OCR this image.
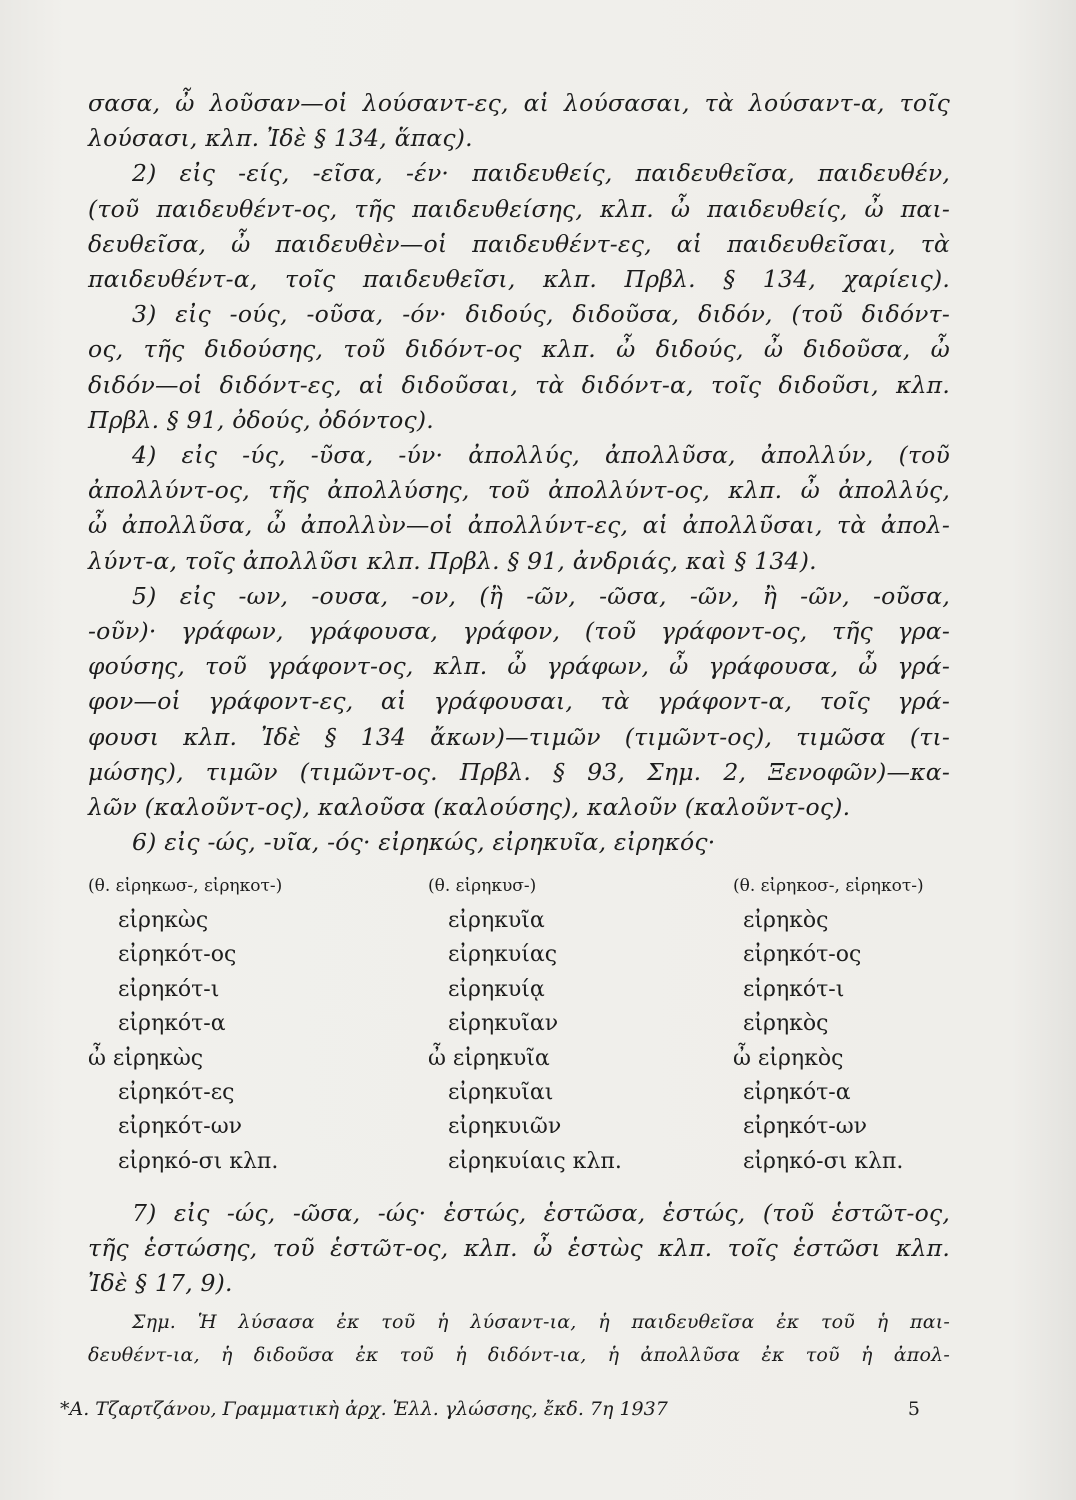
σασα, ὦ λοῦσαν—οἱ λούσαντ-ες, αἱ λούσασαι, τὰ λούσαντ-α, τοῖς
λούσασι, κλπ. Ἰδὲ § 134, ἅπας).
2) εἰς -είς, -εῖσα, -έν· παιδευθείς, παιδευθεῖσα, παιδευθέν,
(τοῦ παιδευθέντ-ος, τῆς παιδευθείσης, κλπ. ὦ παιδευθείς, ὦ παι-
δευθεῖσα, ὦ παιδευθὲν—οἱ παιδευθέντ-ες, αἱ παιδευθεῖσαι, τὰ
παιδευθέντ-α, τοῖς παιδευθεῖσι, κλπ. Πρβλ. § 134, χαρίεις).
3) εἰς -ούς, -οῦσα, -όν· διδούς, διδοῦσα, διδόν, (τοῦ διδόντ-
ος, τῆς διδούσης, τοῦ διδόντ-ος κλπ. ὦ διδούς, ὦ διδοῦσα, ὦ
διδόν—οἱ διδόντ-ες, αἱ διδοῦσαι, τὰ διδόντ-α, τοῖς διδοῦσι, κλπ.
Πρβλ. § 91, ὀδούς, ὀδόντος).
4) εἰς -ύς, -ῦσα, -ύν· ἀπολλύς, ἀπολλῦσα, ἀπολλύν, (τοῦ
ἀπολλύντ-ος, τῆς ἀπολλύσης, τοῦ ἀπολλύντ-ος, κλπ. ὦ ἀπολλύς,
ὦ ἀπολλῦσα, ὦ ἀπολλὺν—οἱ ἀπολλύντ-ες, αἱ ἀπολλῦσαι, τὰ ἀπολ-
λύντ-α, τοῖς ἀπολλῦσι κλπ. Πρβλ. § 91, ἀνδριάς, καὶ § 134).
5) εἰς -ων, -ουσα, -ον, (ἢ -ῶν, -ῶσα, -ῶν, ἢ -ῶν, -οῦσα,
-οῦν)· γράφων, γράφουσα, γράφον, (τοῦ γράφοντ-ος, τῆς γρα-
φούσης, τοῦ γράφοντ-ος, κλπ. ὦ γράφων, ὦ γράφουσα, ὦ γρά-
φον—οἱ γράφοντ-ες, αἱ γράφουσαι, τὰ γράφοντ-α, τοῖς γρά-
φουσι κλπ. Ἰδὲ § 134 ἄκων)—τιμῶν (τιμῶντ-ος), τιμῶσα (τι-
μώσης), τιμῶν (τιμῶντ-ος. Πρβλ. § 93, Σημ. 2, Ξενοφῶν)—κα-
λῶν (καλοῦντ-ος), καλοῦσα (καλούσης), καλοῦν (καλοῦντ-ος).
6) εἰς -ώς, -υῖα, -ός· εἰρηκώς, εἰρηκυῖα, εἰρηκός·
(θ. εἰρηκωσ-, εἰρηκοτ-)	(θ. εἰρηκυσ-)	(θ. εἰρηκοσ-, εἰρηκοτ-)
εἰρηκὼς	εἰρηκυῖα	εἰρηκὸς
εἰρηκότ-ος	εἰρηκυίας	εἰρηκότ-ος
εἰρηκότ-ι	εἰρηκυίᾳ	εἰρηκότ-ι
εἰρηκότ-α	εἰρηκυῖαν	εἰρηκὸς
ὦ εἰρηκὼς	ὦ εἰρηκυῖα	ὦ εἰρηκὸς
εἰρηκότ-ες	εἰρηκυῖαι	εἰρηκότ-α
εἰρηκότ-ων	εἰρηκυιῶν	εἰρηκότ-ων
εἰρηκό-σι κλπ.	εἰρηκυίαις κλπ.	εἰρηκό-σι κλπ.
7) εἰς -ώς, -ῶσα, -ώς· ἑστώς, ἑστῶσα, ἑστώς, (τοῦ ἑστῶτ-ος,
τῆς ἑστώσης, τοῦ ἑστῶτ-ος, κλπ. ὦ ἑστὼς κλπ. τοῖς ἑστῶσι κλπ.
Ἰδὲ § 17, 9).
Σημ. Ἡ λύσασα ἐκ τοῦ ἡ λύσαντ-ια, ἡ παιδευθεῖσα ἐκ τοῦ ἡ παι-
δευθέντ-ια, ἡ διδοῦσα ἐκ τοῦ ἡ διδόντ-ια, ἡ ἀπολλῦσα ἐκ τοῦ ἡ ἀπολ-
*Α. Τζαρτζάνου, Γραμματικὴ ἀρχ. Ἑλλ. γλώσσης, ἔκδ. 7η 1937	5
